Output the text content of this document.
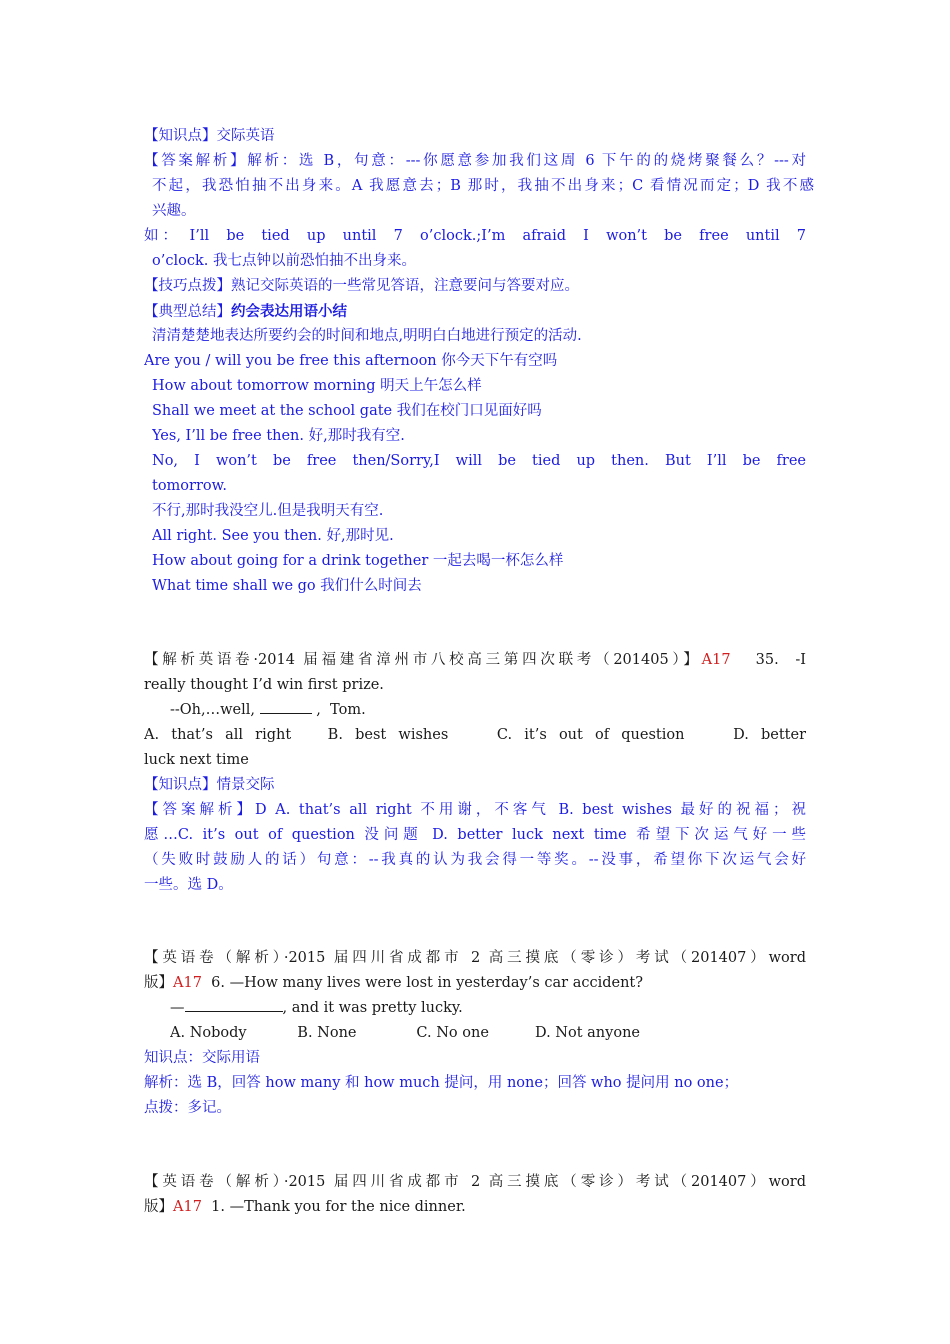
【知识点】交际英语
【答案解析】解析：选 B，句意：---你愿意参加我们这周 6 下午的的烧烤聚餐么？---对
不起，我恐怕抽不出身来。A 我愿意去；B 那时，我抽不出身来；C 看情况而定；D 我不感
兴趣。
如： I’ll  be  tied  up  until  7  o’clock.;I’m  afraid  I  won’t  be  free  until  7
o’clock. 我七点钟以前恐怕抽不出身来。
【技巧点拨】熟记交际英语的一些常见答语，注意要问与答要对应。
【典型总结】约会表达用语小结
清清楚楚地表达所要约会的时间和地点,明明白白地进行预定的活动.
Are you / will you be free this afternoon 你今天下午有空吗
How about tomorrow morning 明天上午怎么样
Shall we meet at the school gate 我们在校门口见面好吗
Yes, I’ll be free then. 好,那时我有空.
No,  I  won’t  be  free  then/Sorry,I  will  be  tied  up  then.  But  I’ll  be  free
tomorrow.
不行,那时我没空儿.但是我明天有空.
All right. See you then. 好,那时见.
How about going for a drink together 一起去喝一杯怎么样
What time shall we go 我们什么时间去
【解析英语卷·2014 届福建省漳州市八校高三第四次联考（201405）】A17   35.  -I
really thought I’d win first prize.
--Oh,…well,	,  Tom.
A. that’s all right   B. best wishes    C. it’s out of question    D. better
luck next time
【知识点】情景交际
【答案解析】D A. that’s all right 不用谢，不客气 B. best wishes 最好的祝福；祝
愿…C. it’s out of question 没问题 D. better luck next time 希望下次运气好一些
（失败时鼓励人的话）句意：--我真的认为我会得一等奖。--没事，希望你下次运气会好
一些。选 D。
【英语卷（解析）·2015 届四川省成都市 2 高三摸底（零诊）考试（201407）word
版】A17  6. —How many lives were lost in yesterday’s car accident?
—	, and it was pretty lucky.
A. Nobody           B. None             C. No one          D. Not anyone
知识点：交际用语
解析：选 B，回答 how many 和 how much 提问，用 none；回答 who 提问用 no one；
点拨：多记。
【英语卷（解析）·2015 届四川省成都市 2 高三摸底（零诊）考试（201407）word
版】A17  1. —Thank you for the nice dinner.
